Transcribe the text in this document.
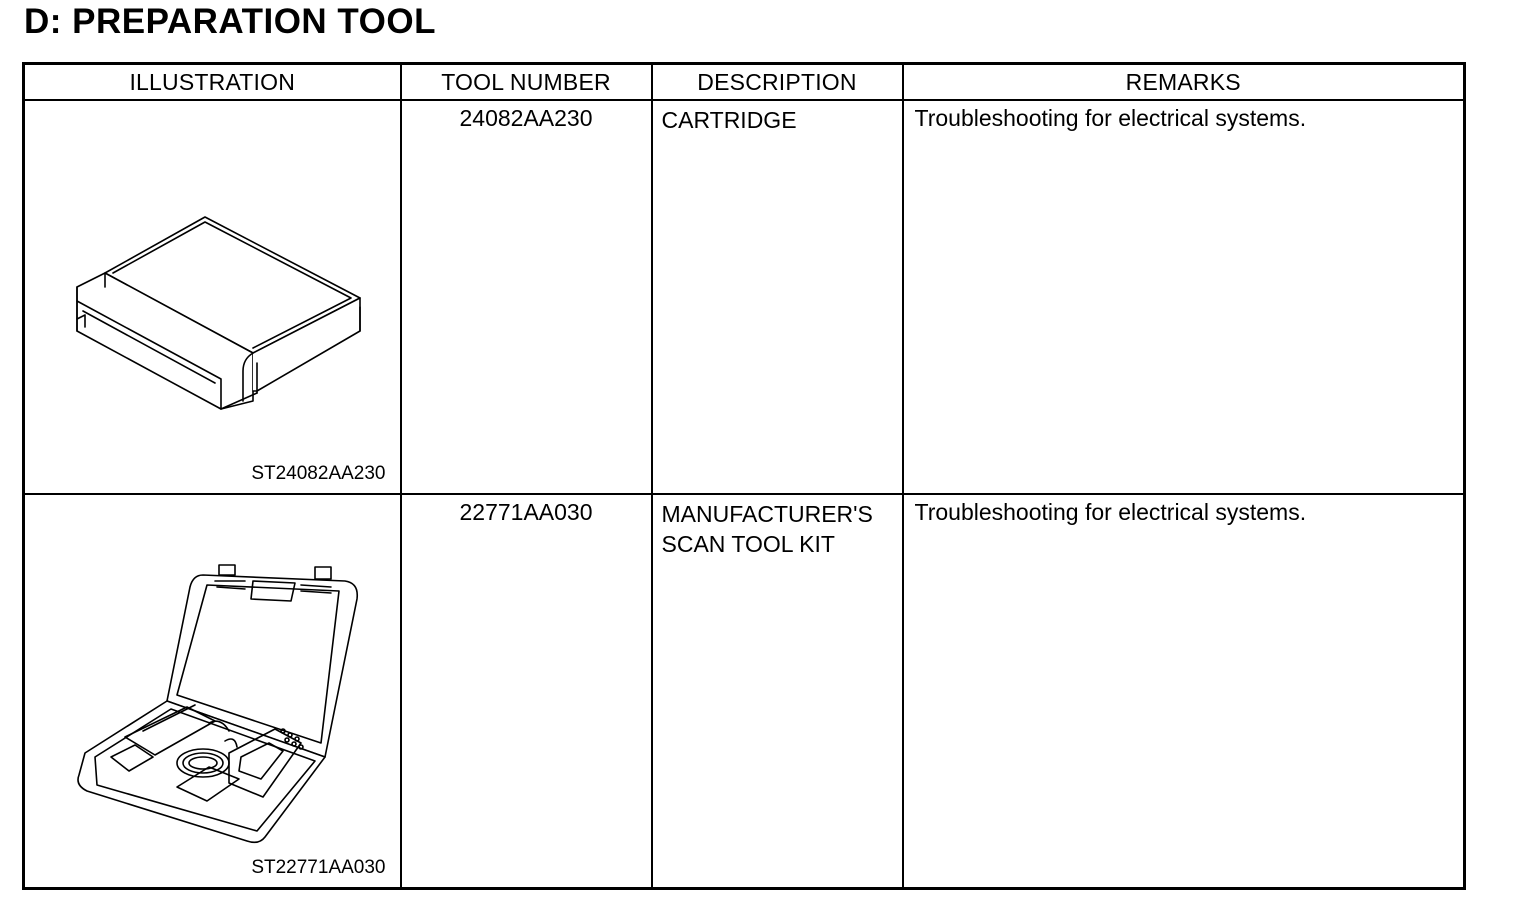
D: PREPARATION TOOL
ILLUSTRATION	TOOL NUMBER	DESCRIPTION	REMARKS

ST24082AA230	24082AA230	CARTRIDGE	Troubleshooting for electrical systems.

ST22771AA030	22771AA030	MANUFACTURER'S
SCAN TOOL KIT	Troubleshooting for electrical systems.
